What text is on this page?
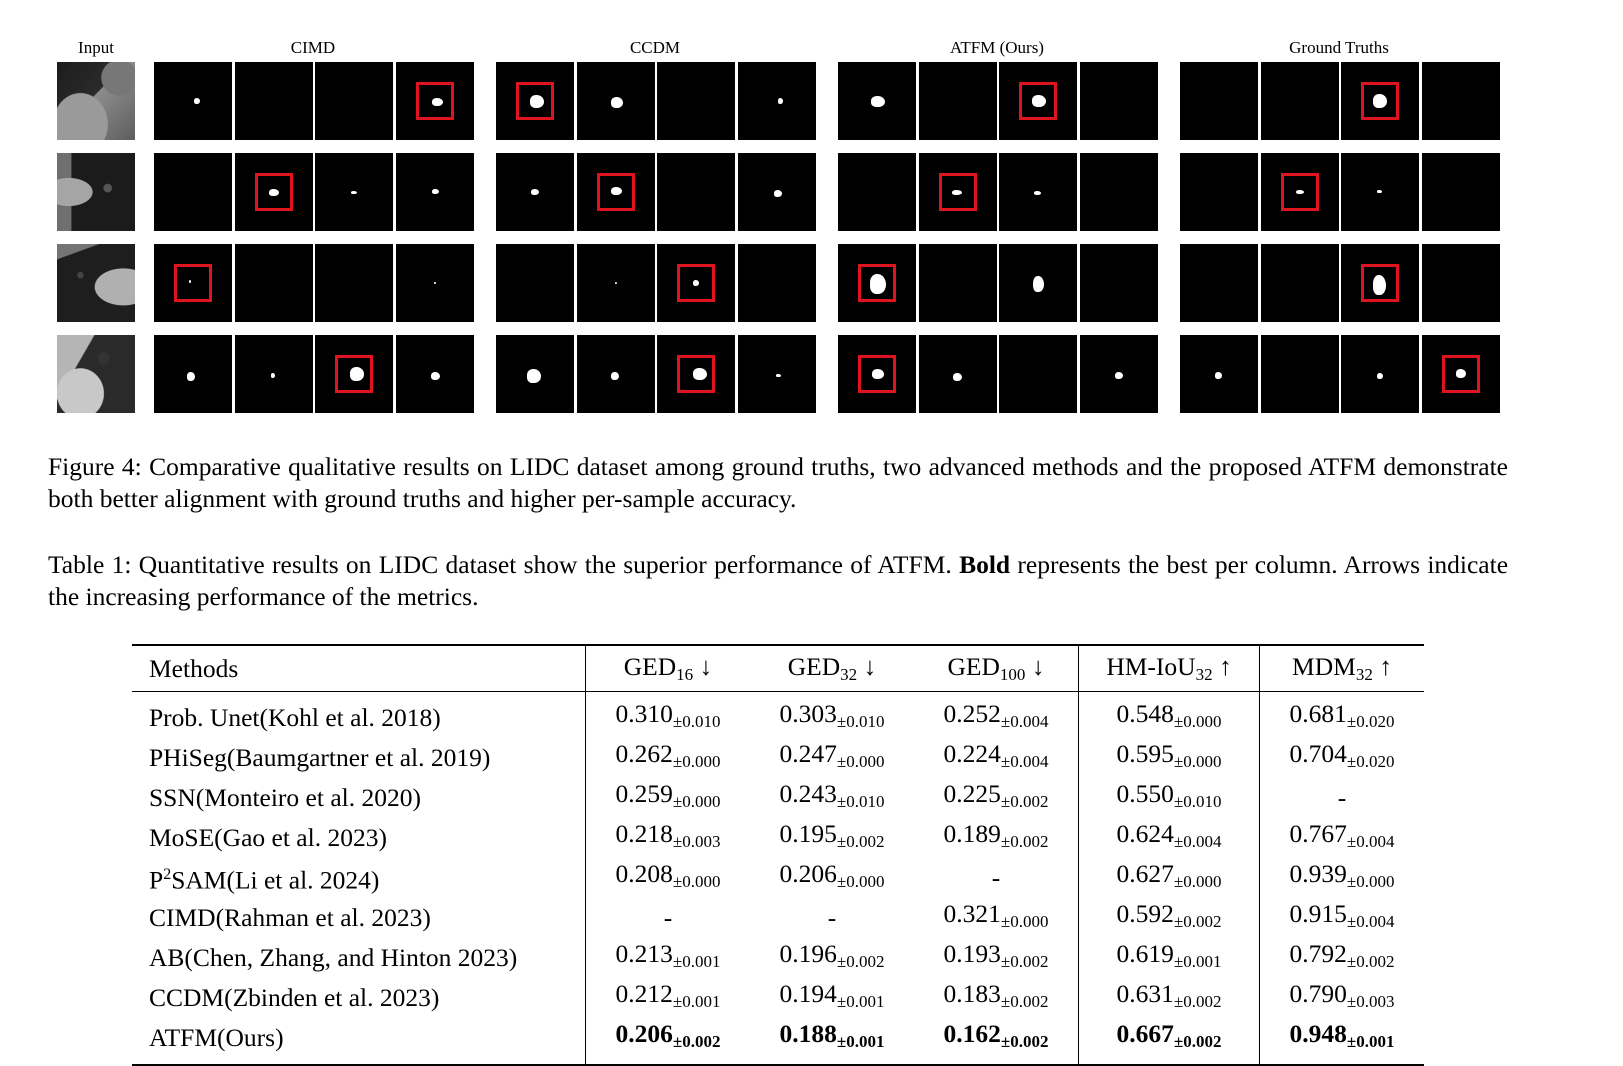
Input	CIMD	CCDM	ATFM (Ours)	Ground Truths

Figure 4: Comparative qualitative results on LIDC dataset among ground truths, two advanced methods and the proposed ATFM demonstrate both better alignment with ground truths and higher per-sample accuracy.

Table 1: Quantitative results on LIDC dataset show the superior performance of ATFM. Bold represents the best per column. Arrows indicate the increasing performance of the metrics.

Methods	$GED_{16}$ ↓	$GED_{32}$ ↓	$GED_{100}$ ↓	HM-IoU$_{32}$ ↑	$MDM_{32}$ ↑
Prob. Unet(Kohl et al. 2018)	$0.310_{\pm 0.010}$	$0.303_{\pm 0.010}$	$0.252_{\pm 0.004}$	$0.548_{\pm 0.000}$	$0.681_{\pm 0.020}$
PHiSeg(Baumgartner et al. 2019)	$0.262_{\pm 0.000}$	$0.247_{\pm 0.000}$	$0.224_{\pm 0.004}$	$0.595_{\pm 0.000}$	$0.704_{\pm 0.020}$
SSN(Monteiro et al. 2020)	$0.259_{\pm 0.000}$	$0.243_{\pm 0.010}$	$0.225_{\pm 0.002}$	$0.550_{\pm 0.010}$	-
MoSE(Gao et al. 2023)	$0.218_{\pm 0.003}$	$0.195_{\pm 0.002}$	$0.189_{\pm 0.002}$	$0.624_{\pm 0.004}$	$0.767_{\pm 0.004}$
$P^2SAM(Li$ et al. 2024)	$0.208_{\pm 0.000}$	$0.206_{\pm 0.000}$	-	$0.627_{\pm 0.000}$	$0.939_{\pm 0.000}$
CIMD(Rahman et al. 2023)	-	-	$0.321_{\pm 0.000}$	$0.592_{\pm 0.002}$	$0.915_{\pm 0.004}$
AB(Chen, Zhang, and Hinton 2023)	$0.213_{\pm 0.001}$	$0.196_{\pm 0.002}$	$0.193_{\pm 0.002}$	$0.619_{\pm 0.001}$	$0.792_{\pm 0.002}$
CCDM(Zbinden et al. 2023)	$0.212_{\pm 0.001}$	$0.194_{\pm 0.001}$	$0.183_{\pm 0.002}$	$0.631_{\pm 0.002}$	$0.790_{\pm 0.003}$
ATFM(Ours)	$0.206_{\pm 0.002}$	$0.188_{\pm 0.001}$	$0.162_{\pm 0.002}$	$0.667_{\pm 0.002}$	$0.948_{\pm 0.001}$
